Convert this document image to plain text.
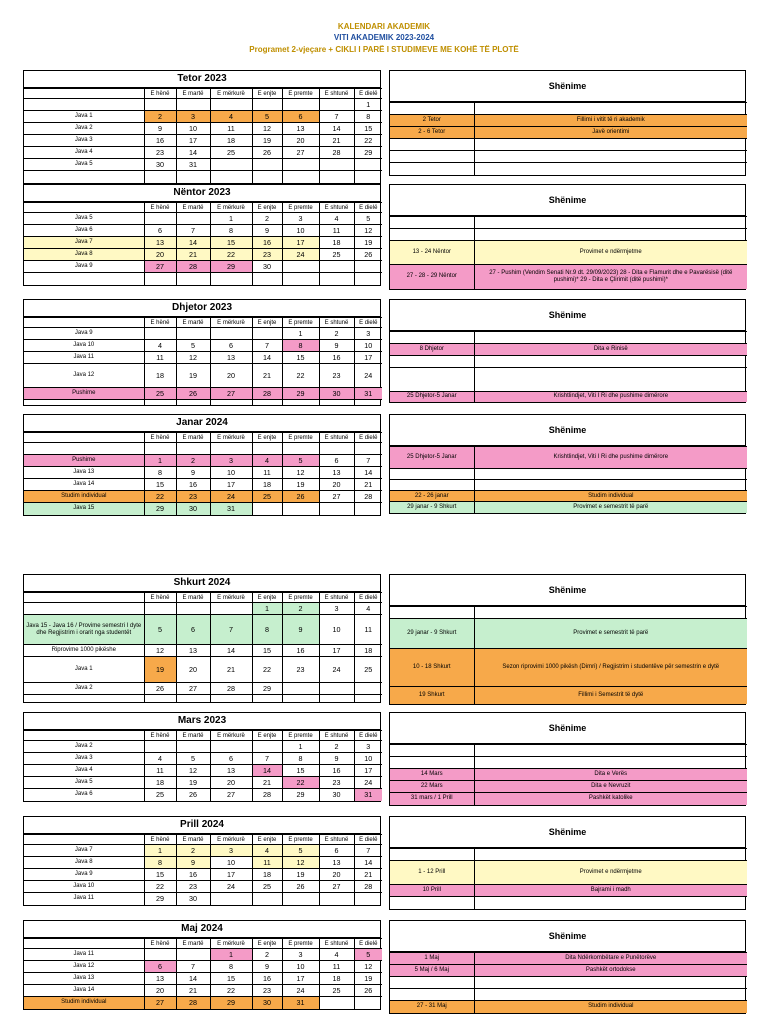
KALENDARI AKADEMIK
VITI AKADEMIK 2023-2024
Programet 2-vjeçare + CIKLI I PARË I STUDIMEVE ME KOHË TË PLOTË
Tetor 2023
	E hënë	E martë	E mërkurë	E enjte	E premte	E shtunë	E dielë
							1
Java 1	2	3	4	5	6	7	8
Java 2	9	10	11	12	13	14	15
Java 3	16	17	18	19	20	21	22
Java 4	23	14	25	26	27	28	29
Java 5	30	31					

Shënime

2 Tetor	Fillimi i vitit të ri akademik
2 - 6 Tetor	Javë orientimi

Nëntor 2023
	E hënë	E martë	E mërkurë	E enjte	E premte	E shtunë	E dielë
Java 5			1	2	3	4	5
Java 6	6	7	8	9	10	11	12
Java 7	13	14	15	16	17	18	19
Java 8	20	21	22	23	24	25	26
Java 9	27	28	29	30			

Shënime

13 - 24 Nëntor	Provimet e ndërmjetme
27 - 28 - 29 Nëntor	27 - Pushim (Vendim Senati Nr.9 dt. 29/09/2023) 28 - Dita e Flamurit dhe e Pavarësisë (ditë pushimi)* 29 - Dita e Çlirimit (ditë pushimi)*
Dhjetor 2023
	E hënë	E martë	E mërkurë	E enjte	E premte	E shtunë	E dielë
Java 9					1	2	3
Java 10	4	5	6	7	8	9	10
Java 11	11	12	13	14	15	16	17
Java 12	18	19	20	21	22	23	24
Pushime	25	26	27	28	29	30	31

Shënime

8 Dhjetor	Dita e Rinisë

25 Dhjetor-5 Janar	Krishtlindjet, Viti I Ri dhe pushime dimërore
Janar 2024
	E hënë	E martë	E mërkurë	E enjte	E premte	E shtunë	E dielë

Pushime	1	2	3	4	5	6	7
Java 13	8	9	10	11	12	13	14
Java 14	15	16	17	18	19	20	21
Studim individual	22	23	24	25	26	27	28
Java 15	29	30	31				
Shënime
25 Dhjetor-5 Janar	Krishtlindjet, Viti I Ri dhe pushime dimërore

22 - 26 janar	Studim individual
29 janar - 9 Shkurt	Provimet e semestrit të parë
Shkurt 2024
	E hënë	E martë	E mërkurë	E enjte	E premte	E shtunë	E dielë
				1	2	3	4
Java 15 - Java 16 / Provime semestri I dyte dhe Regjistrim i orarit nga studentët	5	6	7	8	9	10	11
Riprovime 1000 pikëshe	12	13	14	15	16	17	18
Java 1	19	20	21	22	23	24	25
Java 2	26	27	28	29			

Shënime

29 janar - 9 Shkurt	Provimet e semestrit të parë
10 - 18 Shkurt	Sezon riprovimi 1000 pikësh (Dimri) / Regjistrim i studentëve për semestrin e dytë
19 Shkurt	Fillimi i Semestrit të dytë
Mars 2023
	E hënë	E martë	E mërkurë	E enjte	E premte	E shtunë	E dielë
Java 2					1	2	3
Java 3	4	5	6	7	8	9	10
Java 4	11	12	13	14	15	16	17
Java 5	18	19	20	21	22	23	24
Java 6	25	26	27	28	29	30	31
Shënime

14 Mars	Dita e Verës
22 Mars	Dita e Nevruzit
31 mars / 1 Prill	Pashkët katolike
Prill 2024
	E hënë	E martë	E mërkurë	E enjte	E premte	E shtunë	E dielë
Java 7	1	2	3	4	5	6	7
Java 8	8	9	10	11	12	13	14
Java 9	15	16	17	18	19	20	21
Java 10	22	23	24	25	26	27	28
Java 11	29	30					
Shënime

1 - 12 Prill	Provimet e ndërmjetme
10 Prill	Bajrami i madh

Maj 2024
	E hënë	E martë	E mërkurë	E enjte	E premte	E shtunë	E dielë
Java 11			1	2	3	4	5
Java 12	6	7	8	9	10	11	12
Java 13	13	14	15	16	17	18	19
Java 14	20	21	22	23	24	25	26
Studim individual	27	28	29	30	31		
Shënime
1 Maj	Dita Ndërkombëtare e Punëtorëve
5 Maj / 6 Maj	Pashkët ortodokse

27 - 31 Maj	Studim individual
